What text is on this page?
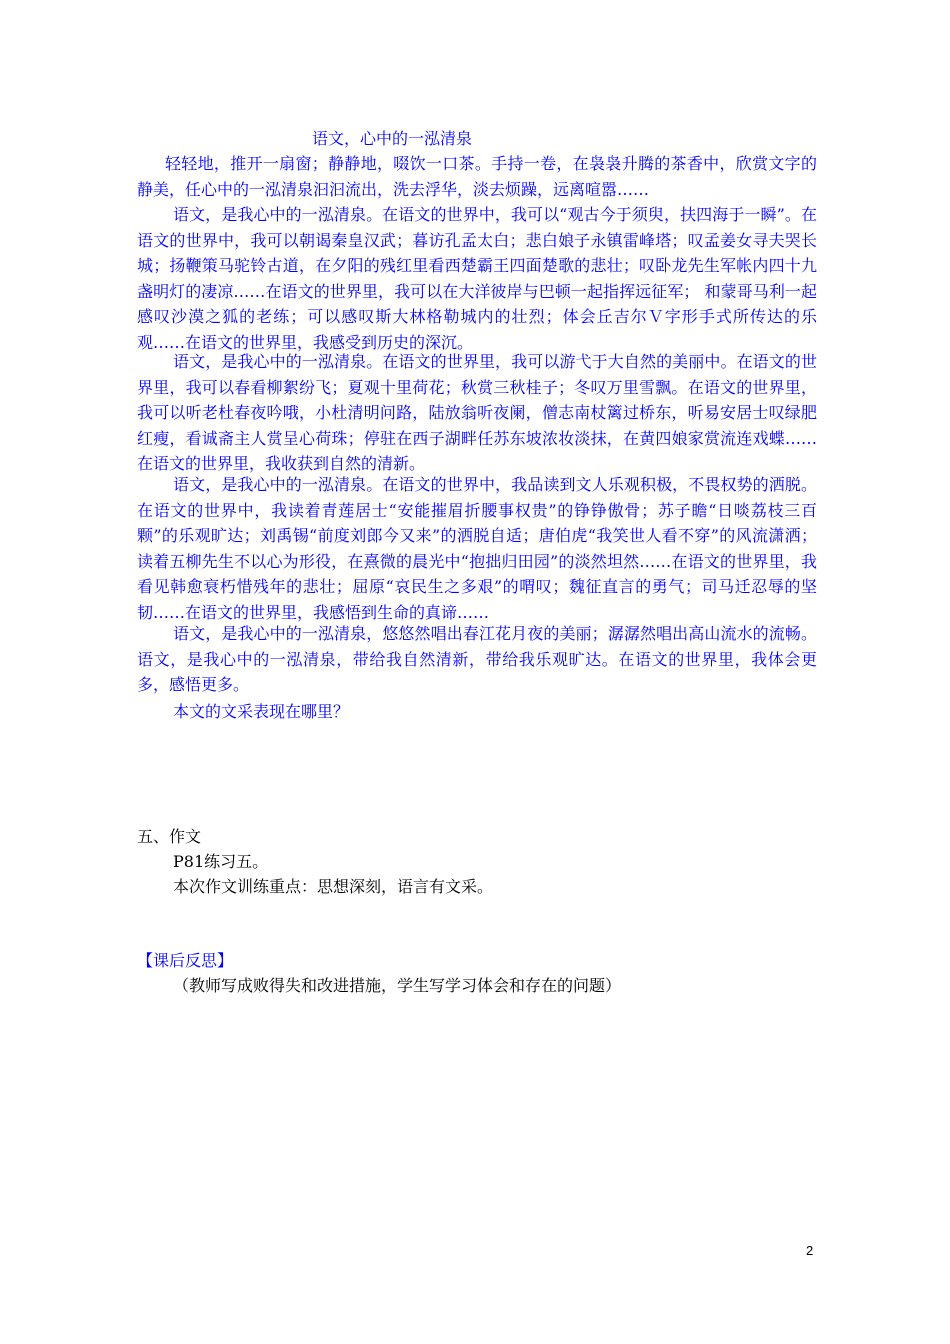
语文，心中的一泓清泉

轻轻地，推开一扇窗；静静地，啜饮一口茶。手持一卷，在袅袅升腾的茶香中，欣赏文字的静美，任心中的一泓清泉汩汩流出，洗去浮华，淡去烦躁，远离喧嚣……

语文，是我心中的一泓清泉。在语文的世界中，我可以“观古今于须臾，扶四海于一瞬”。在语文的世界中，我可以朝谒秦皇汉武；暮访孔孟太白；悲白娘子永镇雷峰塔；叹孟姜女寻夫哭长城；扬鞭策马驼铃古道，在夕阳的残红里看西楚霸王四面楚歌的悲壮；叹卧龙先生军帐内四十九盏明灯的凄凉……在语文的世界里，我可以在大洋彼岸与巴顿一起指挥远征军； 和蒙哥马利一起感叹沙漠之狐的老练；可以感叹斯大林格勒城内的壮烈；体会丘吉尔Ｖ字形手式所传达的乐观……在语文的世界里，我感受到历史的深沉。

语文，是我心中的一泓清泉。在语文的世界里，我可以游弋于大自然的美丽中。在语文的世界里，我可以春看柳絮纷飞；夏观十里荷花；秋赏三秋桂子；冬叹万里雪飘。在语文的世界里，我可以听老杜春夜吟哦，小杜清明问路，陆放翁听夜阑，僧志南杖篱过桥东，听易安居士叹绿肥红瘦，看诚斋主人赏呈心荷珠；停驻在西子湖畔任苏东坡浓妆淡抹，在黄四娘家赏流连戏蝶……在语文的世界里，我收获到自然的清新。

语文，是我心中的一泓清泉。在语文的世界中，我品读到文人乐观积极，不畏权势的洒脱。在语文的世界中，我读着青莲居士“安能摧眉折腰事权贵”的铮铮傲骨；苏子瞻“日啖荔枝三百颗”的乐观旷达；刘禹锡“前度刘郎今又来”的洒脱自适；唐伯虎“我笑世人看不穿”的风流潇洒；读着五柳先生不以心为形役，在熹微的晨光中“抱拙归田园”的淡然坦然……在语文的世界里，我看见韩愈衰朽惜残年的悲壮；屈原“哀民生之多艰”的喟叹；魏征直言的勇气；司马迁忍辱的坚韧……在语文的世界里，我感悟到生命的真谛……

语文，是我心中的一泓清泉，悠悠然唱出春江花月夜的美丽；潺潺然唱出高山流水的流畅。语文，是我心中的一泓清泉，带给我自然清新，带给我乐观旷达。在语文的世界里，我体会更多，感悟更多。

本文的文采表现在哪里？
五、作文
P81练习五。
本次作文训练重点：思想深刻，语言有文采。
【课后反思】
（教师写成败得失和改进措施，学生写学习体会和存在的问题）
2
